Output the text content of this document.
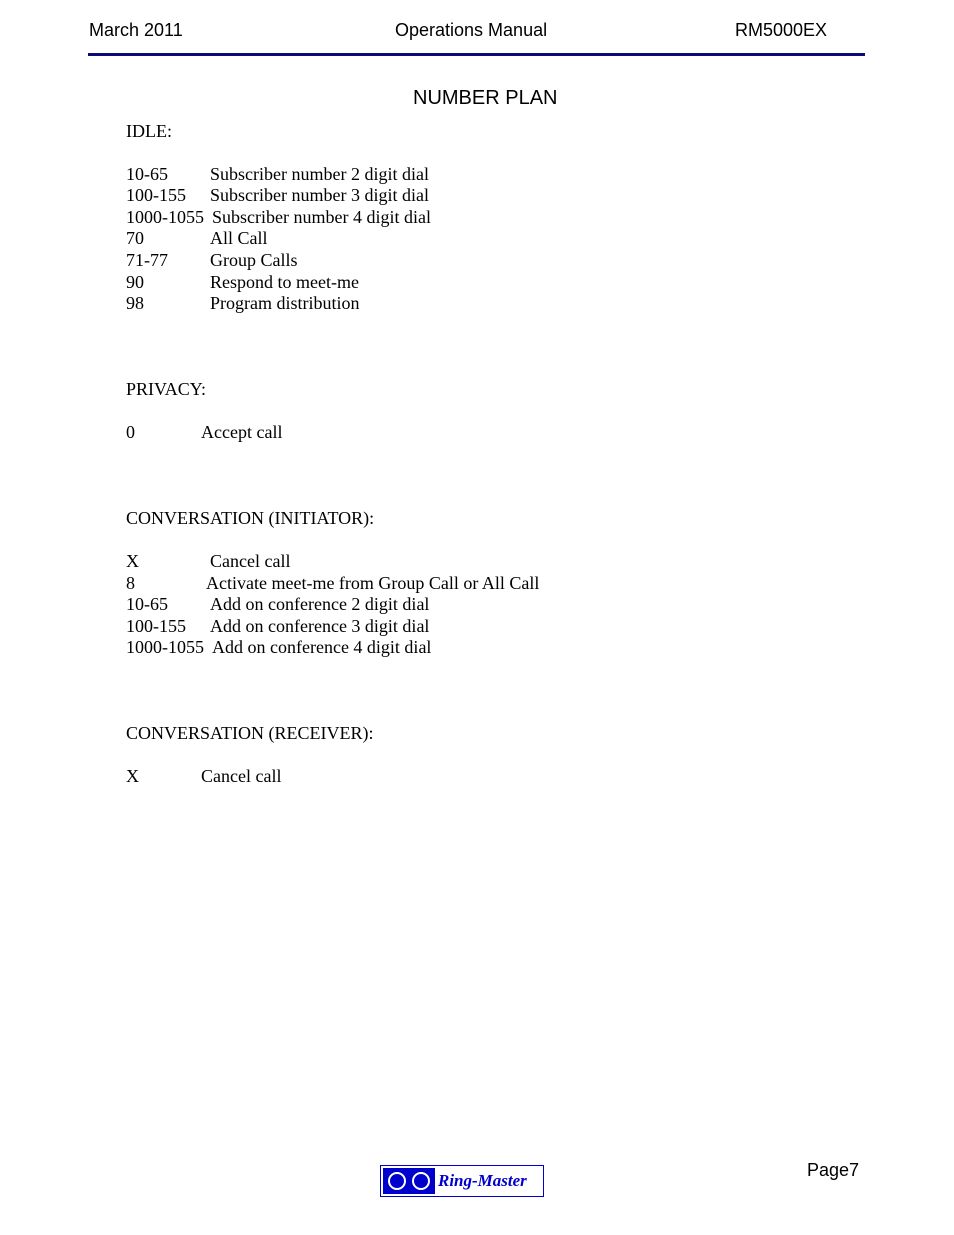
March 2011	Operations Manual	RM5000EX
NUMBER PLAN
IDLE:
10-65 Subscriber number 2 digit dial
100-155 Subscriber number 3 digit dial
1000-1055 Subscriber number 4 digit dial
70	All Call
71-77 Group Calls
90	Respond to meet-me
98	Program distribution
PRIVACY:
0	Accept call
CONVERSATION (INITIATOR):
X	Cancel call
8	Activate meet-me from Group Call or All Call
10-65 Add on conference 2 digit dial
100-155 Add on conference 3 digit dial
1000-1055 Add on conference 4 digit dial
CONVERSATION (RECEIVER):
X	Cancel call
Page7
Ring-Master
